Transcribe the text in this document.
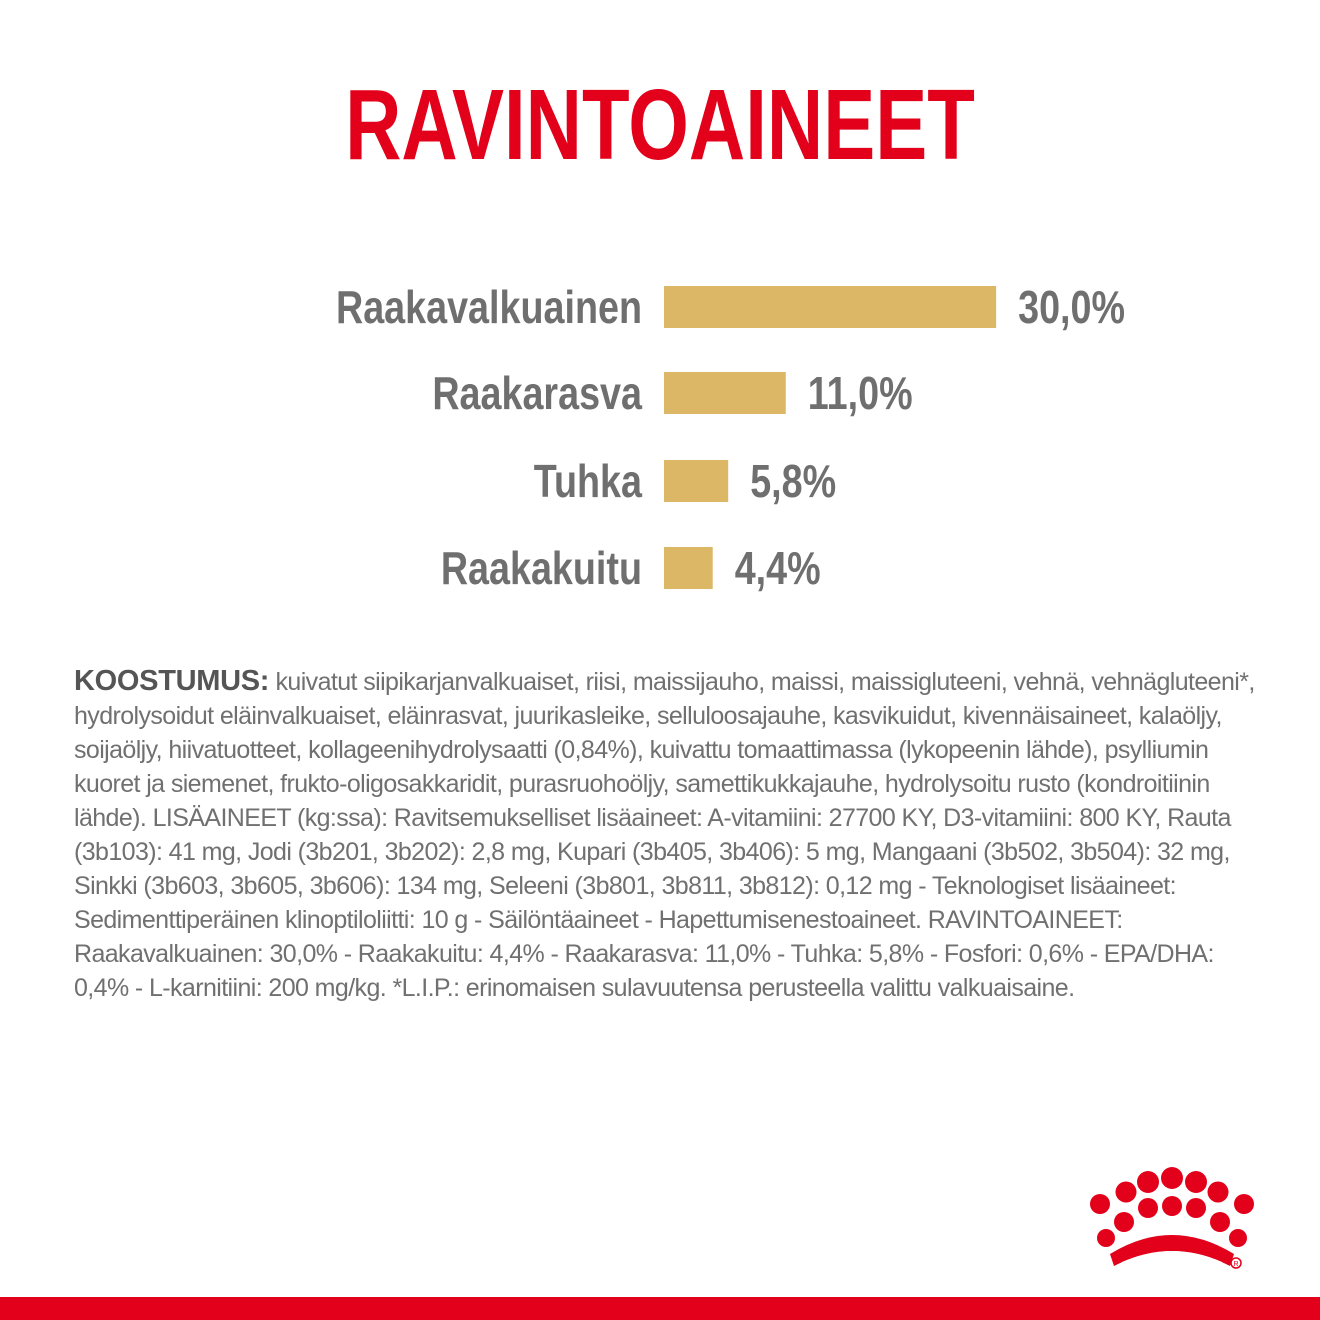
RAVINTOAINEET
Raakavalkuainen	30,0%
Raakarasva	11,0%
Tuhka 5,8%
Raakakuitu 4,4%
KOOSTUMUS: kuivatut siipikarjanvalkuaiset, riisi, maissijauho, maissi, maissigluteeni, vehnä, vehnägluteeni*, hydrolysoidut eläinvalkuaiset, eläinrasvat, juurikasleike, selluloosajauhe, kasvikuidut, kivennäisaineet, kalaöljy, soijaöljy, hiivatuotteet, kollageenihydrolysaatti (0,84%), kuivattu tomaattimassa (lykopeenin lähde), psylliumin kuoret ja siemenet, frukto-oligosakkaridit, purasruohoöljy, samettikukkajauhe, hydrolysoitu rusto (kondroitiinin lähde). LISÄAINEET (kg:ssa): Ravitsemukselliset lisäaineet: A-vitamiini: 27700 KY, D3-vitamiini: 800 KY, Rauta (3b103): 41 mg, Jodi (3b201, 3b202): 2,8 mg, Kupari (3b405, 3b406): 5 mg, Mangaani (3b502, 3b504): 32 mg, Sinkki (3b603, 3b605, 3b606): 134 mg, Seleeni (3b801, 3b811, 3b812): 0,12 mg - Teknologiset lisäaineet: Sedimenttiperäinen klinoptiloliitti: 10 g - Säilöntäaineet - Hapettumisenestoaineet. RAVINTOAINEET: Raakavalkuainen: 30,0% - Raakakuitu: 4,4% - Raakarasva: 11,0% - Tuhka: 5,8% - Fosfori: 0,6% - EPA/DHA: 0,4% - L-karnitiini: 200 mg/kg. *L.I.P.: erinomaisen sulavuutensa perusteella valittu valkuaisaine.
R
